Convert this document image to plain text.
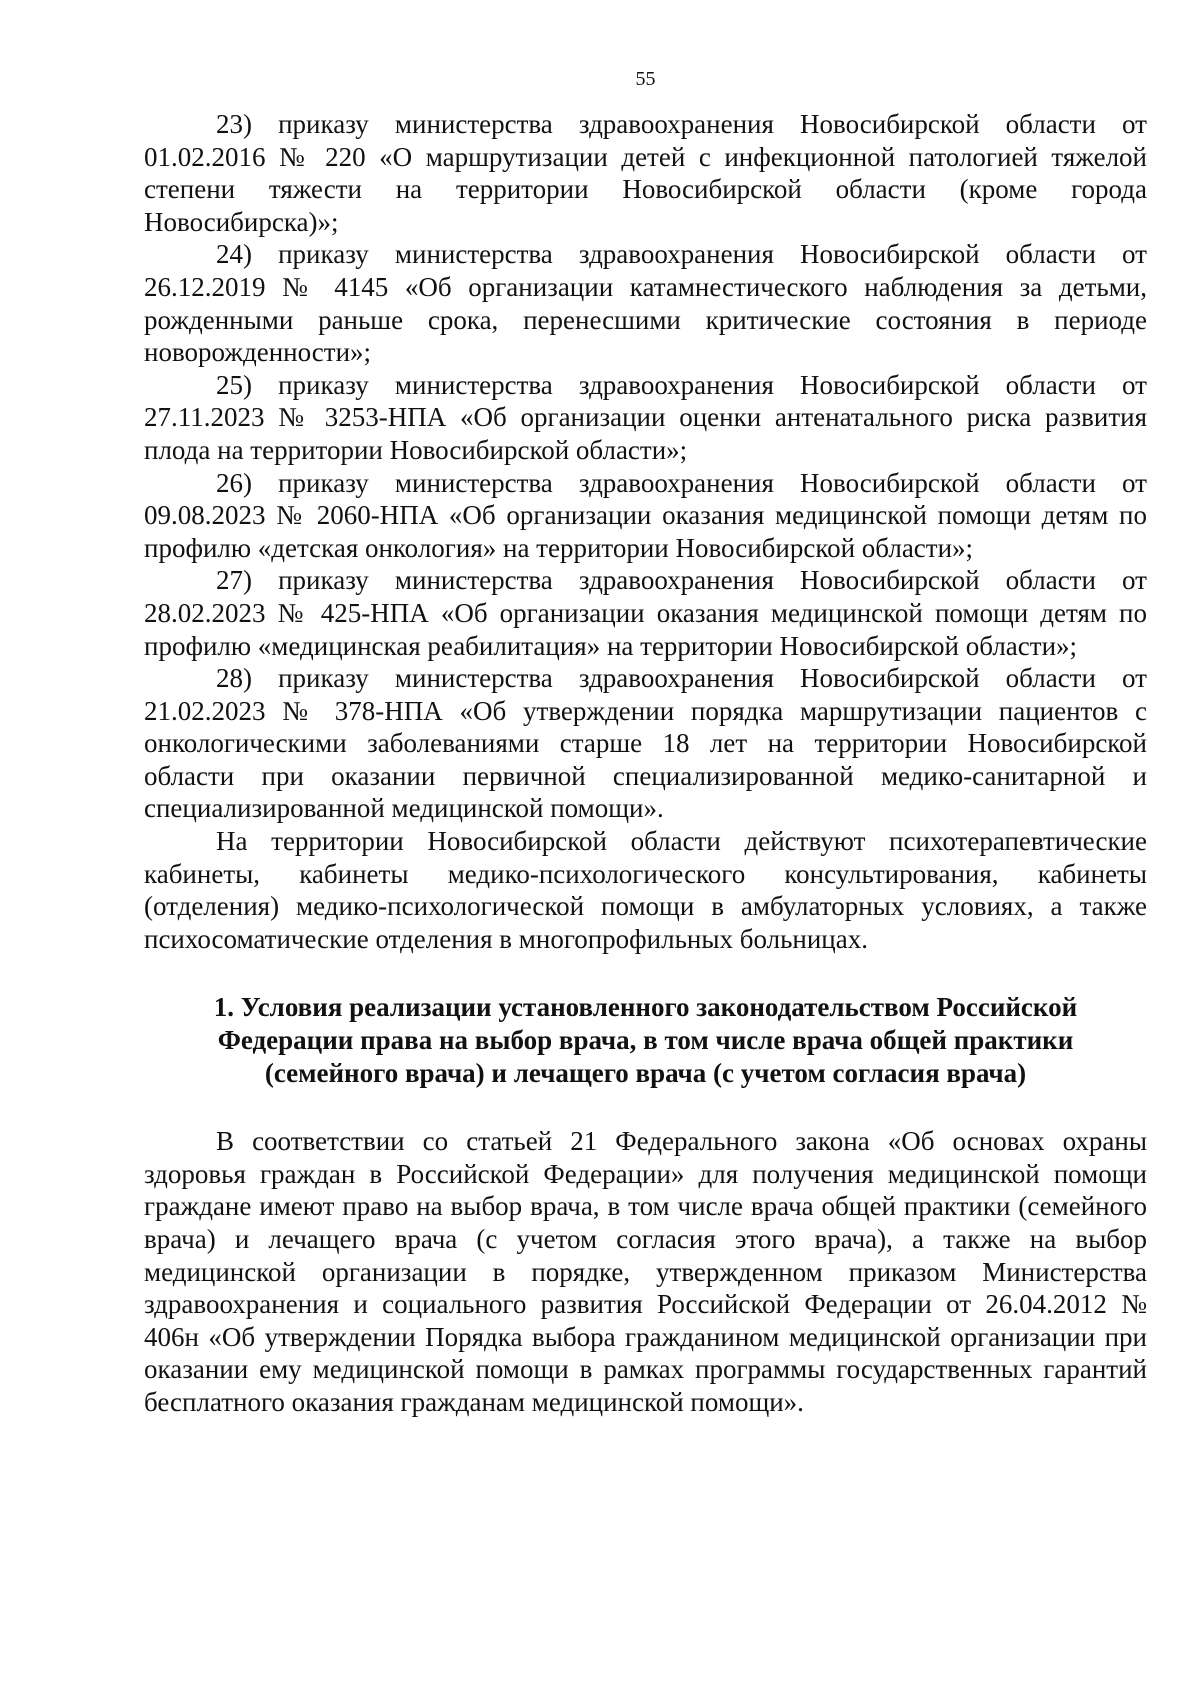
55

23) приказу министерства здравоохранения Новосибирской области от 01.02.2016 № 220 «О маршрутизации детей с инфекционной патологией тяжелой степени тяжести на территории Новосибирской области (кроме города Новосибирска)»;

24) приказу министерства здравоохранения Новосибирской области от 26.12.2019 № 4145 «Об организации катамнестического наблюдения за детьми, рожденными раньше срока, перенесшими критические состояния в периоде новорожденности»;

25) приказу министерства здравоохранения Новосибирской области от 27.11.2023 № 3253-НПА «Об организации оценки антенатального риска развития плода на территории Новосибирской области»;

26) приказу министерства здравоохранения Новосибирской области от 09.08.2023 № 2060-НПА «Об организации оказания медицинской помощи детям по профилю «детская онкология» на территории Новосибирской области»;

27) приказу министерства здравоохранения Новосибирской области от 28.02.2023 № 425-НПА «Об организации оказания медицинской помощи детям по профилю «медицинская реабилитация» на территории Новосибирской области»;

28) приказу министерства здравоохранения Новосибирской области от 21.02.2023 № 378-НПА «Об утверждении порядка маршрутизации пациентов с онкологическими заболеваниями старше 18 лет на территории Новосибирской области при оказании первичной специализированной медико-санитарной и специализированной медицинской помощи».

На территории Новосибирской области действуют психотерапевтические кабинеты, кабинеты медико-психологического консультирования, кабинеты (отделения) медико-психологической помощи в амбулаторных условиях, а также психосоматические отделения в многопрофильных больницах.

1. Условия реализации установленного законодательством Российской
Федерации права на выбор врача, в том числе врача общей практики
(семейного врача) и лечащего врача (с учетом согласия врача)

В соответствии со статьей 21 Федерального закона «Об основах охраны здоровья граждан в Российской Федерации» для получения медицинской помощи граждане имеют право на выбор врача, в том числе врача общей практики (семейного врача) и лечащего врача (с учетом согласия этого врача), а также на выбор медицинской организации в порядке, утвержденном приказом Министерства здравоохранения и социального развития Российской Федерации от 26.04.2012 № 406н «Об утверждении Порядка выбора гражданином медицинской организации при оказании ему медицинской помощи в рамках программы государственных гарантий бесплатного оказания гражданам медицинской помощи».
